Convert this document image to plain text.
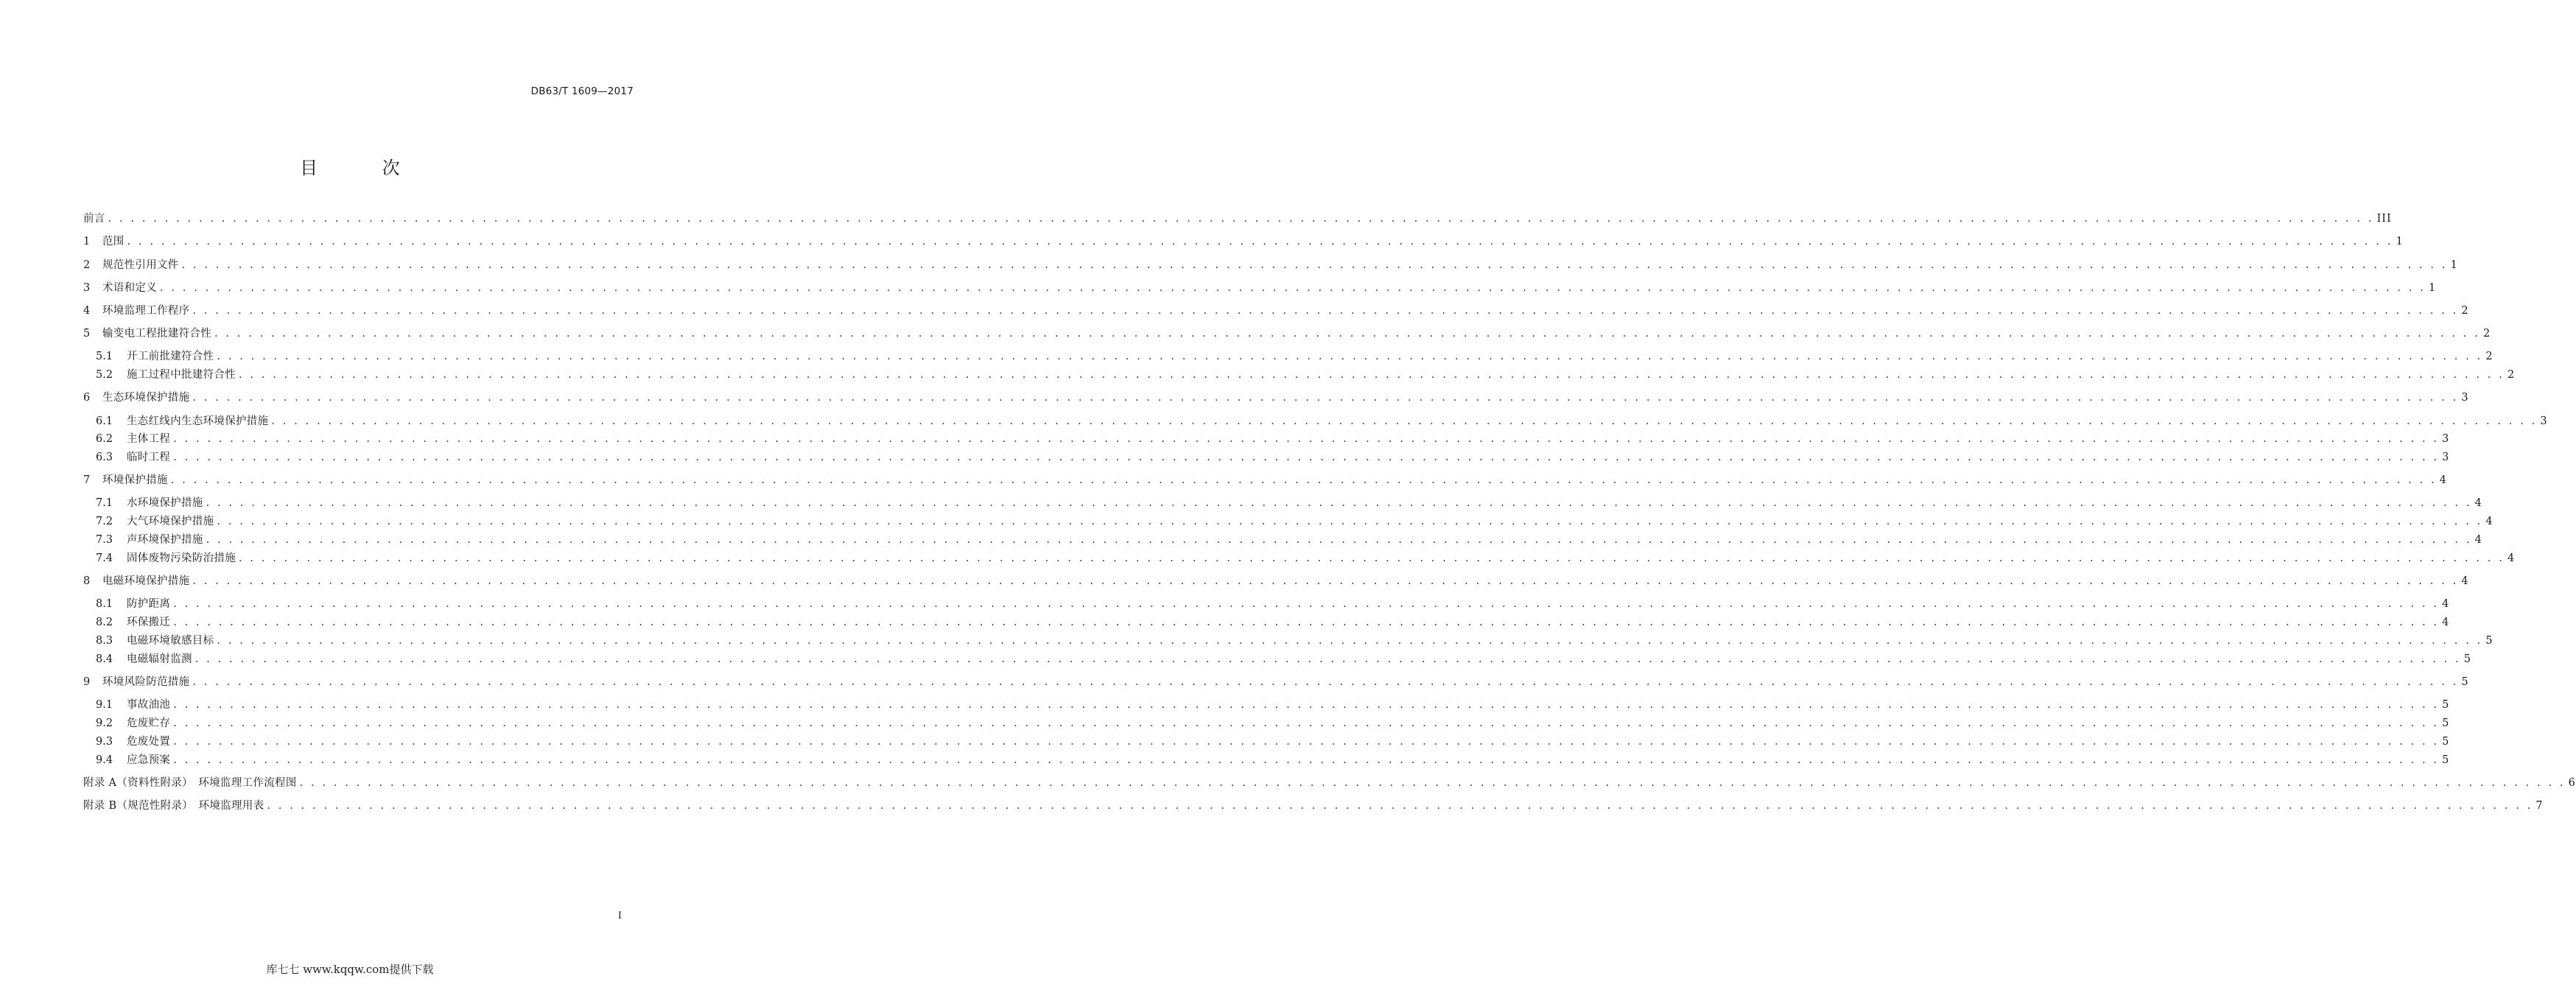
DB63/T 1609—2017
目 次
前言 . . . . . . . . . . . . . . . . . . . . . . . . . . . . . . . . . . . . . . . . . . . . . . . . . . . . . . . . . . . . . . . . . . . . . . . . . . . . . . . . . . . . . . . . . . . . . . . . . . . . . . . . . . . . . . . . . . . . . . . . . . . . . . . . . . . . . . . . . . . . . . . . . . . . . . . . . . . . . . . . . . . . . . . . . . . . . . . . . . . . . . . . . . . . . . . . . . . . . . . . III
1	范围 . . . . . . . . . . . . . . . . . . . . . . . . . . . . . . . . . . . . . . . . . . . . . . . . . . . . . . . . . . . . . . . . . . . . . . . . . . . . . . . . . . . . . . . . . . . . . . . . . . . . . . . . . . . . . . . . . . . . . . . . . . . . . . . . . . . . . . . . . . . . . . . . . . . . . . . . . . . . . . . . . . . . . . . . . . . . . . . . . . . . . . . . . . . . . . . . . . . . . . . . 1
2	规范性引用文件 . . . . . . . . . . . . . . . . . . . . . . . . . . . . . . . . . . . . . . . . . . . . . . . . . . . . . . . . . . . . . . . . . . . . . . . . . . . . . . . . . . . . . . . . . . . . . . . . . . . . . . . . . . . . . . . . . . . . . . . . . . . . . . . . . . . . . . . . . . . . . . . . . . . . . . . . . . . . . . . . . . . . . . . . . . . . . . . . . . . . . . . . . . . . . . . . . . . . . . . . 1
3	术语和定义 . . . . . . . . . . . . . . . . . . . . . . . . . . . . . . . . . . . . . . . . . . . . . . . . . . . . . . . . . . . . . . . . . . . . . . . . . . . . . . . . . . . . . . . . . . . . . . . . . . . . . . . . . . . . . . . . . . . . . . . . . . . . . . . . . . . . . . . . . . . . . . . . . . . . . . . . . . . . . . . . . . . . . . . . . . . . . . . . . . . . . . . . . . . . . . . . . . . . . . . . 1
4	环境监理工作程序 . . . . . . . . . . . . . . . . . . . . . . . . . . . . . . . . . . . . . . . . . . . . . . . . . . . . . . . . . . . . . . . . . . . . . . . . . . . . . . . . . . . . . . . . . . . . . . . . . . . . . . . . . . . . . . . . . . . . . . . . . . . . . . . . . . . . . . . . . . . . . . . . . . . . . . . . . . . . . . . . . . . . . . . . . . . . . . . . . . . . . . . . . . . . . . . . . . . . . . . . 2
5	输变电工程批建符合性 . . . . . . . . . . . . . . . . . . . . . . . . . . . . . . . . . . . . . . . . . . . . . . . . . . . . . . . . . . . . . . . . . . . . . . . . . . . . . . . . . . . . . . . . . . . . . . . . . . . . . . . . . . . . . . . . . . . . . . . . . . . . . . . . . . . . . . . . . . . . . . . . . . . . . . . . . . . . . . . . . . . . . . . . . . . . . . . . . . . . . . . . . . . . . . . . . . . . . . . . 2
5.1	开工前批建符合性 . . . . . . . . . . . . . . . . . . . . . . . . . . . . . . . . . . . . . . . . . . . . . . . . . . . . . . . . . . . . . . . . . . . . . . . . . . . . . . . . . . . . . . . . . . . . . . . . . . . . . . . . . . . . . . . . . . . . . . . . . . . . . . . . . . . . . . . . . . . . . . . . . . . . . . . . . . . . . . . . . . . . . . . . . . . . . . . . . . . . . . . . . . . . . . . . . . . . . . . . 2
5.2	施工过程中批建符合性 . . . . . . . . . . . . . . . . . . . . . . . . . . . . . . . . . . . . . . . . . . . . . . . . . . . . . . . . . . . . . . . . . . . . . . . . . . . . . . . . . . . . . . . . . . . . . . . . . . . . . . . . . . . . . . . . . . . . . . . . . . . . . . . . . . . . . . . . . . . . . . . . . . . . . . . . . . . . . . . . . . . . . . . . . . . . . . . . . . . . . . . . . . . . . . . . . . . . . . . . 2
6	生态环境保护措施 . . . . . . . . . . . . . . . . . . . . . . . . . . . . . . . . . . . . . . . . . . . . . . . . . . . . . . . . . . . . . . . . . . . . . . . . . . . . . . . . . . . . . . . . . . . . . . . . . . . . . . . . . . . . . . . . . . . . . . . . . . . . . . . . . . . . . . . . . . . . . . . . . . . . . . . . . . . . . . . . . . . . . . . . . . . . . . . . . . . . . . . . . . . . . . . . . . . . . . . . 3
6.1	生态红线内生态环境保护措施 . . . . . . . . . . . . . . . . . . . . . . . . . . . . . . . . . . . . . . . . . . . . . . . . . . . . . . . . . . . . . . . . . . . . . . . . . . . . . . . . . . . . . . . . . . . . . . . . . . . . . . . . . . . . . . . . . . . . . . . . . . . . . . . . . . . . . . . . . . . . . . . . . . . . . . . . . . . . . . . . . . . . . . . . . . . . . . . . . . . . . . . . . . . . . . . . . . . . . . . . 3
6.2	主体工程 . . . . . . . . . . . . . . . . . . . . . . . . . . . . . . . . . . . . . . . . . . . . . . . . . . . . . . . . . . . . . . . . . . . . . . . . . . . . . . . . . . . . . . . . . . . . . . . . . . . . . . . . . . . . . . . . . . . . . . . . . . . . . . . . . . . . . . . . . . . . . . . . . . . . . . . . . . . . . . . . . . . . . . . . . . . . . . . . . . . . . . . . . . . . . . . . . . . . . . . . 3
6.3	临时工程 . . . . . . . . . . . . . . . . . . . . . . . . . . . . . . . . . . . . . . . . . . . . . . . . . . . . . . . . . . . . . . . . . . . . . . . . . . . . . . . . . . . . . . . . . . . . . . . . . . . . . . . . . . . . . . . . . . . . . . . . . . . . . . . . . . . . . . . . . . . . . . . . . . . . . . . . . . . . . . . . . . . . . . . . . . . . . . . . . . . . . . . . . . . . . . . . . . . . . . . . 3
7	环境保护措施 . . . . . . . . . . . . . . . . . . . . . . . . . . . . . . . . . . . . . . . . . . . . . . . . . . . . . . . . . . . . . . . . . . . . . . . . . . . . . . . . . . . . . . . . . . . . . . . . . . . . . . . . . . . . . . . . . . . . . . . . . . . . . . . . . . . . . . . . . . . . . . . . . . . . . . . . . . . . . . . . . . . . . . . . . . . . . . . . . . . . . . . . . . . . . . . . . . . . . . . . 4
7.1	水环境保护措施 . . . . . . . . . . . . . . . . . . . . . . . . . . . . . . . . . . . . . . . . . . . . . . . . . . . . . . . . . . . . . . . . . . . . . . . . . . . . . . . . . . . . . . . . . . . . . . . . . . . . . . . . . . . . . . . . . . . . . . . . . . . . . . . . . . . . . . . . . . . . . . . . . . . . . . . . . . . . . . . . . . . . . . . . . . . . . . . . . . . . . . . . . . . . . . . . . . . . . . . . 4
7.2	大气环境保护措施 . . . . . . . . . . . . . . . . . . . . . . . . . . . . . . . . . . . . . . . . . . . . . . . . . . . . . . . . . . . . . . . . . . . . . . . . . . . . . . . . . . . . . . . . . . . . . . . . . . . . . . . . . . . . . . . . . . . . . . . . . . . . . . . . . . . . . . . . . . . . . . . . . . . . . . . . . . . . . . . . . . . . . . . . . . . . . . . . . . . . . . . . . . . . . . . . . . . . . . . . 4
7.3	声环境保护措施 . . . . . . . . . . . . . . . . . . . . . . . . . . . . . . . . . . . . . . . . . . . . . . . . . . . . . . . . . . . . . . . . . . . . . . . . . . . . . . . . . . . . . . . . . . . . . . . . . . . . . . . . . . . . . . . . . . . . . . . . . . . . . . . . . . . . . . . . . . . . . . . . . . . . . . . . . . . . . . . . . . . . . . . . . . . . . . . . . . . . . . . . . . . . . . . . . . . . . . . . 4
7.4	固体废物污染防治措施 . . . . . . . . . . . . . . . . . . . . . . . . . . . . . . . . . . . . . . . . . . . . . . . . . . . . . . . . . . . . . . . . . . . . . . . . . . . . . . . . . . . . . . . . . . . . . . . . . . . . . . . . . . . . . . . . . . . . . . . . . . . . . . . . . . . . . . . . . . . . . . . . . . . . . . . . . . . . . . . . . . . . . . . . . . . . . . . . . . . . . . . . . . . . . . . . . . . . . . . . 4
8	电磁环境保护措施 . . . . . . . . . . . . . . . . . . . . . . . . . . . . . . . . . . . . . . . . . . . . . . . . . . . . . . . . . . . . . . . . . . . . . . . . . . . . . . . . . . . . . . . . . . . . . . . . . . . . . . . . . . . . . . . . . . . . . . . . . . . . . . . . . . . . . . . . . . . . . . . . . . . . . . . . . . . . . . . . . . . . . . . . . . . . . . . . . . . . . . . . . . . . . . . . . . . . . . . . 4
8.1	防护距离 . . . . . . . . . . . . . . . . . . . . . . . . . . . . . . . . . . . . . . . . . . . . . . . . . . . . . . . . . . . . . . . . . . . . . . . . . . . . . . . . . . . . . . . . . . . . . . . . . . . . . . . . . . . . . . . . . . . . . . . . . . . . . . . . . . . . . . . . . . . . . . . . . . . . . . . . . . . . . . . . . . . . . . . . . . . . . . . . . . . . . . . . . . . . . . . . . . . . . . . . 4
8.2	环保搬迁 . . . . . . . . . . . . . . . . . . . . . . . . . . . . . . . . . . . . . . . . . . . . . . . . . . . . . . . . . . . . . . . . . . . . . . . . . . . . . . . . . . . . . . . . . . . . . . . . . . . . . . . . . . . . . . . . . . . . . . . . . . . . . . . . . . . . . . . . . . . . . . . . . . . . . . . . . . . . . . . . . . . . . . . . . . . . . . . . . . . . . . . . . . . . . . . . . . . . . . . . 4
8.3	电磁环境敏感目标 . . . . . . . . . . . . . . . . . . . . . . . . . . . . . . . . . . . . . . . . . . . . . . . . . . . . . . . . . . . . . . . . . . . . . . . . . . . . . . . . . . . . . . . . . . . . . . . . . . . . . . . . . . . . . . . . . . . . . . . . . . . . . . . . . . . . . . . . . . . . . . . . . . . . . . . . . . . . . . . . . . . . . . . . . . . . . . . . . . . . . . . . . . . . . . . . . . . . . . . . 5
8.4	电磁辐射监测 . . . . . . . . . . . . . . . . . . . . . . . . . . . . . . . . . . . . . . . . . . . . . . . . . . . . . . . . . . . . . . . . . . . . . . . . . . . . . . . . . . . . . . . . . . . . . . . . . . . . . . . . . . . . . . . . . . . . . . . . . . . . . . . . . . . . . . . . . . . . . . . . . . . . . . . . . . . . . . . . . . . . . . . . . . . . . . . . . . . . . . . . . . . . . . . . . . . . . . . . 5
9	环境风险防范措施 . . . . . . . . . . . . . . . . . . . . . . . . . . . . . . . . . . . . . . . . . . . . . . . . . . . . . . . . . . . . . . . . . . . . . . . . . . . . . . . . . . . . . . . . . . . . . . . . . . . . . . . . . . . . . . . . . . . . . . . . . . . . . . . . . . . . . . . . . . . . . . . . . . . . . . . . . . . . . . . . . . . . . . . . . . . . . . . . . . . . . . . . . . . . . . . . . . . . . . . . 5
9.1	事故油池 . . . . . . . . . . . . . . . . . . . . . . . . . . . . . . . . . . . . . . . . . . . . . . . . . . . . . . . . . . . . . . . . . . . . . . . . . . . . . . . . . . . . . . . . . . . . . . . . . . . . . . . . . . . . . . . . . . . . . . . . . . . . . . . . . . . . . . . . . . . . . . . . . . . . . . . . . . . . . . . . . . . . . . . . . . . . . . . . . . . . . . . . . . . . . . . . . . . . . . . . 5
9.2	危废贮存 . . . . . . . . . . . . . . . . . . . . . . . . . . . . . . . . . . . . . . . . . . . . . . . . . . . . . . . . . . . . . . . . . . . . . . . . . . . . . . . . . . . . . . . . . . . . . . . . . . . . . . . . . . . . . . . . . . . . . . . . . . . . . . . . . . . . . . . . . . . . . . . . . . . . . . . . . . . . . . . . . . . . . . . . . . . . . . . . . . . . . . . . . . . . . . . . . . . . . . . . 5
9.3	危废处置 . . . . . . . . . . . . . . . . . . . . . . . . . . . . . . . . . . . . . . . . . . . . . . . . . . . . . . . . . . . . . . . . . . . . . . . . . . . . . . . . . . . . . . . . . . . . . . . . . . . . . . . . . . . . . . . . . . . . . . . . . . . . . . . . . . . . . . . . . . . . . . . . . . . . . . . . . . . . . . . . . . . . . . . . . . . . . . . . . . . . . . . . . . . . . . . . . . . . . . . . 5
9.4	应急预案 . . . . . . . . . . . . . . . . . . . . . . . . . . . . . . . . . . . . . . . . . . . . . . . . . . . . . . . . . . . . . . . . . . . . . . . . . . . . . . . . . . . . . . . . . . . . . . . . . . . . . . . . . . . . . . . . . . . . . . . . . . . . . . . . . . . . . . . . . . . . . . . . . . . . . . . . . . . . . . . . . . . . . . . . . . . . . . . . . . . . . . . . . . . . . . . . . . . . . . . . 5
附录 A（资料性附录）　环境监理工作流程图 . . . . . . . . . . . . . . . . . . . . . . . . . . . . . . . . . . . . . . . . . . . . . . . . . . . . . . . . . . . . . . . . . . . . . . . . . . . . . . . . . . . . . . . . . . . . . . . . . . . . . . . . . . . . . . . . . . . . . . . . . . . . . . . . . . . . . . . . . . . . . . . . . . . . . . . . . . . . . . . . . . . . . . . . . . . . . . . . . . . . . . . . . . . . . . . . . . . . . . . . 6
附录 B（规范性附录）　环境监理用表 . . . . . . . . . . . . . . . . . . . . . . . . . . . . . . . . . . . . . . . . . . . . . . . . . . . . . . . . . . . . . . . . . . . . . . . . . . . . . . . . . . . . . . . . . . . . . . . . . . . . . . . . . . . . . . . . . . . . . . . . . . . . . . . . . . . . . . . . . . . . . . . . . . . . . . . . . . . . . . . . . . . . . . . . . . . . . . . . . . . . . . . . . . . . . . . . . . . . . . . . 7
I
库七七 www.kqqw.com提供下载
